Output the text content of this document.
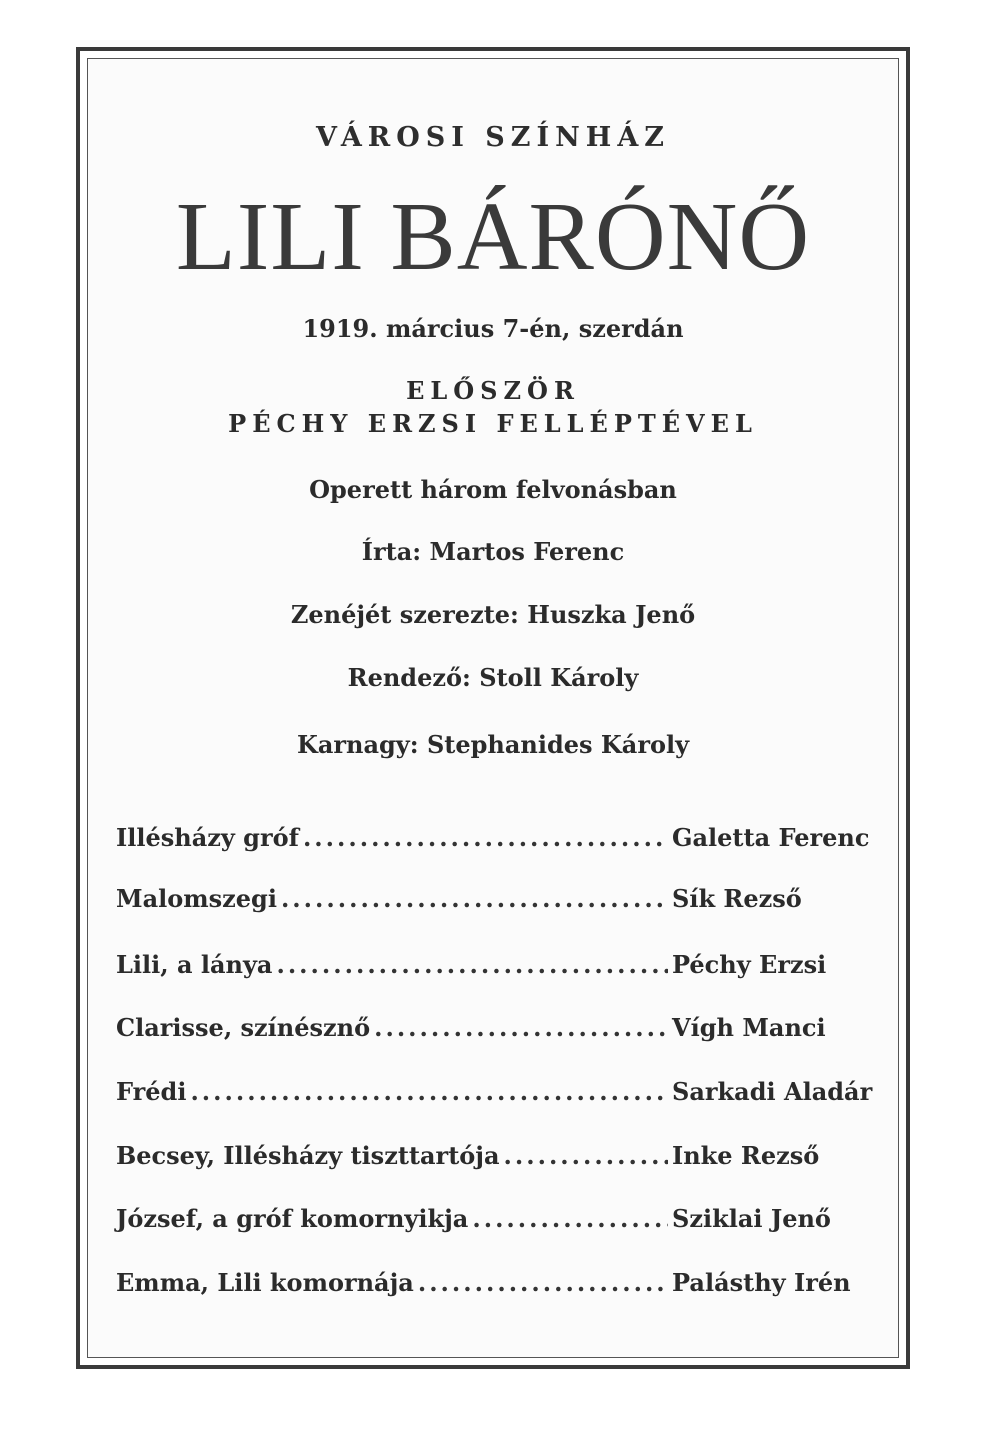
VÁROSI SZÍNHÁZ
LILI BÁRÓNŐ
1919. március 7-én, szerdán
ELŐSZÖR
PÉCHY ERZSI FELLÉPTÉVEL
Operett három felvonásban
Írta: Martos Ferenc
Zenéjét szerezte: Huszka Jenő
Rendező: Stoll Károly
Karnagy: Stephanides Károly
Illésházy gróf .....	Galetta Ferenc
Malomszegi .....	Sík Rezső
Lili, a lánya .....	Péchy Erzsi
Clarisse, színésznő .....	Vígh Manci
Frédi .....	Sarkadi Aladár
Becsey, Illésházy tiszttartója .....	Inke Rezső
József, a gróf komornyikja .....	Sziklai Jenő
Emma, Lili komornája .....	Palásthy Irén
